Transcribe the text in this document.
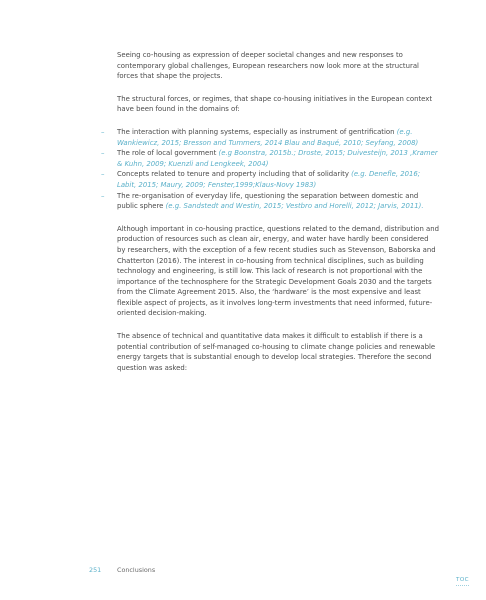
Seeing co-housing as expression of deeper societal changes and new responses to contemporary global challenges, European researchers now look more at the structural forces that shape the projects.

The structural forces, or regimes, that shape co-housing initiatives in the European context have been found in the domains of:

– The interaction with planning systems, especially as instrument of gentrification (e.g. Wankiewicz, 2015; Bresson and Tummers, 2014 Blau and Baqué, 2010; Seyfang, 2008)
– The role of local government (e.g Boonstra, 2015b.; Droste, 2015; Duivesteijn, 2013 ,Kramer & Kuhn, 2009; Kuenzli and Lengkeek, 2004)
– Concepts related to tenure and property including that of solidarity (e.g. Denefle, 2016; Labit, 2015; Maury, 2009; Fenster,1999;Klaus-Novy 1983)
– The re-organisation of everyday life, questioning the separation between domestic and public sphere (e.g. Sandstedt and Westin, 2015; Vestbro and Horelli, 2012; Jarvis, 2011).

Although important in co-housing practice, questions related to the demand, distribution and production of resources such as clean air, energy, and water have hardly been considered by researchers, with the exception of a few recent studies such as Stevenson, Baborska and Chatterton (2016). The interest in co-housing from technical disciplines, such as building technology and engineering, is still low. This lack of research is not proportional with the importance of the technosphere for the Strategic Development Goals 2030 and the targets from the Climate Agreement 2015. Also, the ‘hardware’ is the most expensive and least flexible aspect of projects, as it involves long-term investments that need informed, future-oriented decision-making.

The absence of technical and quantitative data makes it difficult to establish if there is a potential contribution of self-managed co-housing to climate change policies and renewable energy targets that is substantial enough to develop local strategies. Therefore the second question was asked:

251 Conclusions
TOC
